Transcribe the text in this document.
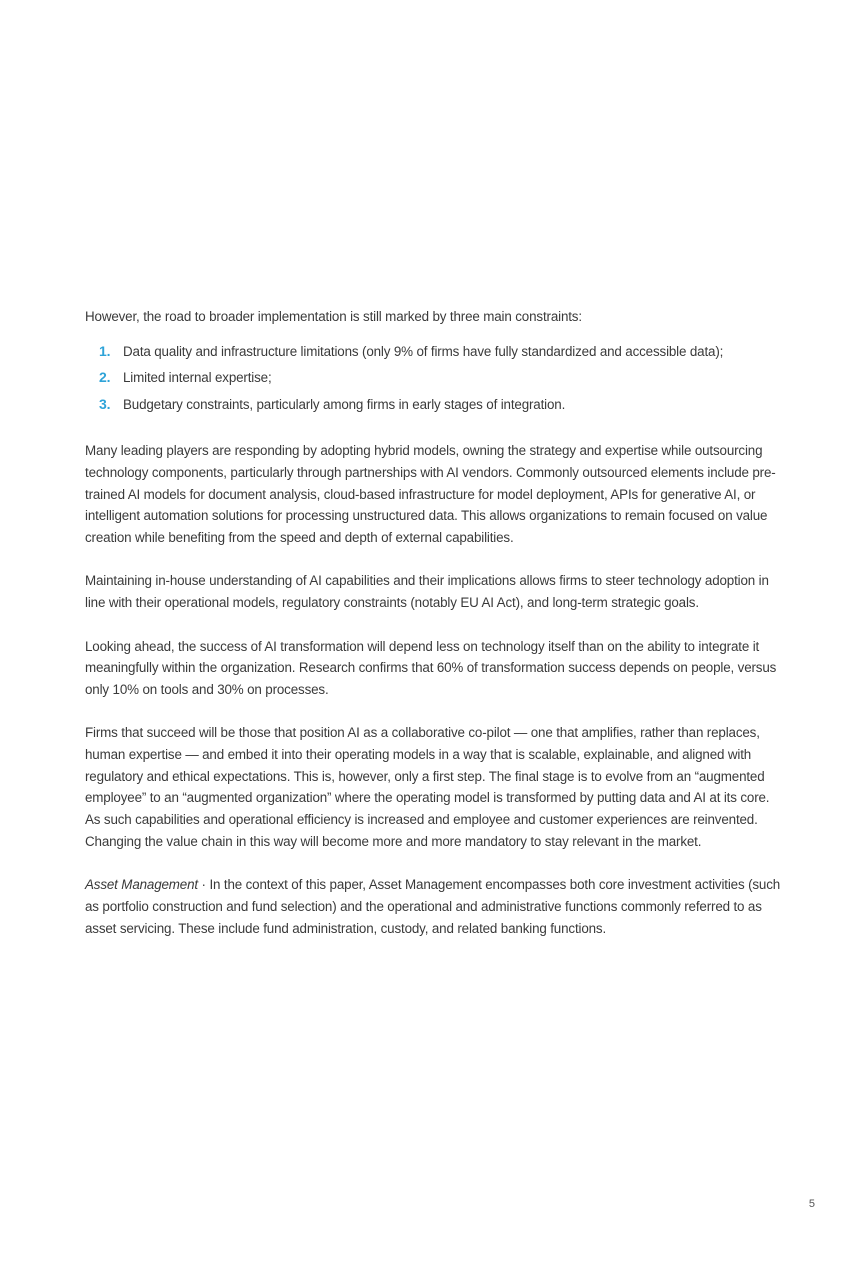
However, the road to broader implementation is still marked by three main constraints:

1. Data quality and infrastructure limitations (only 9% of firms have fully standardized and accessible data);
2. Limited internal expertise;
3. Budgetary constraints, particularly among firms in early stages of integration.

Many leading players are responding by adopting hybrid models, owning the strategy and expertise while outsourcing technology components, particularly through partnerships with AI vendors. Commonly outsourced elements include pre-trained AI models for document analysis, cloud-based infrastructure for model deployment, APIs for generative AI, or intelligent automation solutions for processing unstructured data. This allows organizations to remain focused on value creation while benefiting from the speed and depth of external capabilities.

Maintaining in-house understanding of AI capabilities and their implications allows firms to steer technology adoption in line with their operational models, regulatory constraints (notably EU AI Act), and long-term strategic goals.

Looking ahead, the success of AI transformation will depend less on technology itself than on the ability to integrate it meaningfully within the organization. Research confirms that 60% of transformation success depends on people, versus only 10% on tools and 30% on processes.

Firms that succeed will be those that position AI as a collaborative co-pilot — one that amplifies, rather than replaces, human expertise — and embed it into their operating models in a way that is scalable, explainable, and aligned with regulatory and ethical expectations. This is, however, only a first step. The final stage is to evolve from an “augmented employee” to an “augmented organization” where the operating model is transformed by putting data and AI at its core. As such capabilities and operational efficiency is increased and employee and customer experiences are reinvented. Changing the value chain in this way will become more and more mandatory to stay relevant in the market.

Asset Management · In the context of this paper, Asset Management encompasses both core investment activities (such as portfolio construction and fund selection) and the operational and administrative functions commonly referred to as asset servicing. These include fund administration, custody, and related banking functions.

5
